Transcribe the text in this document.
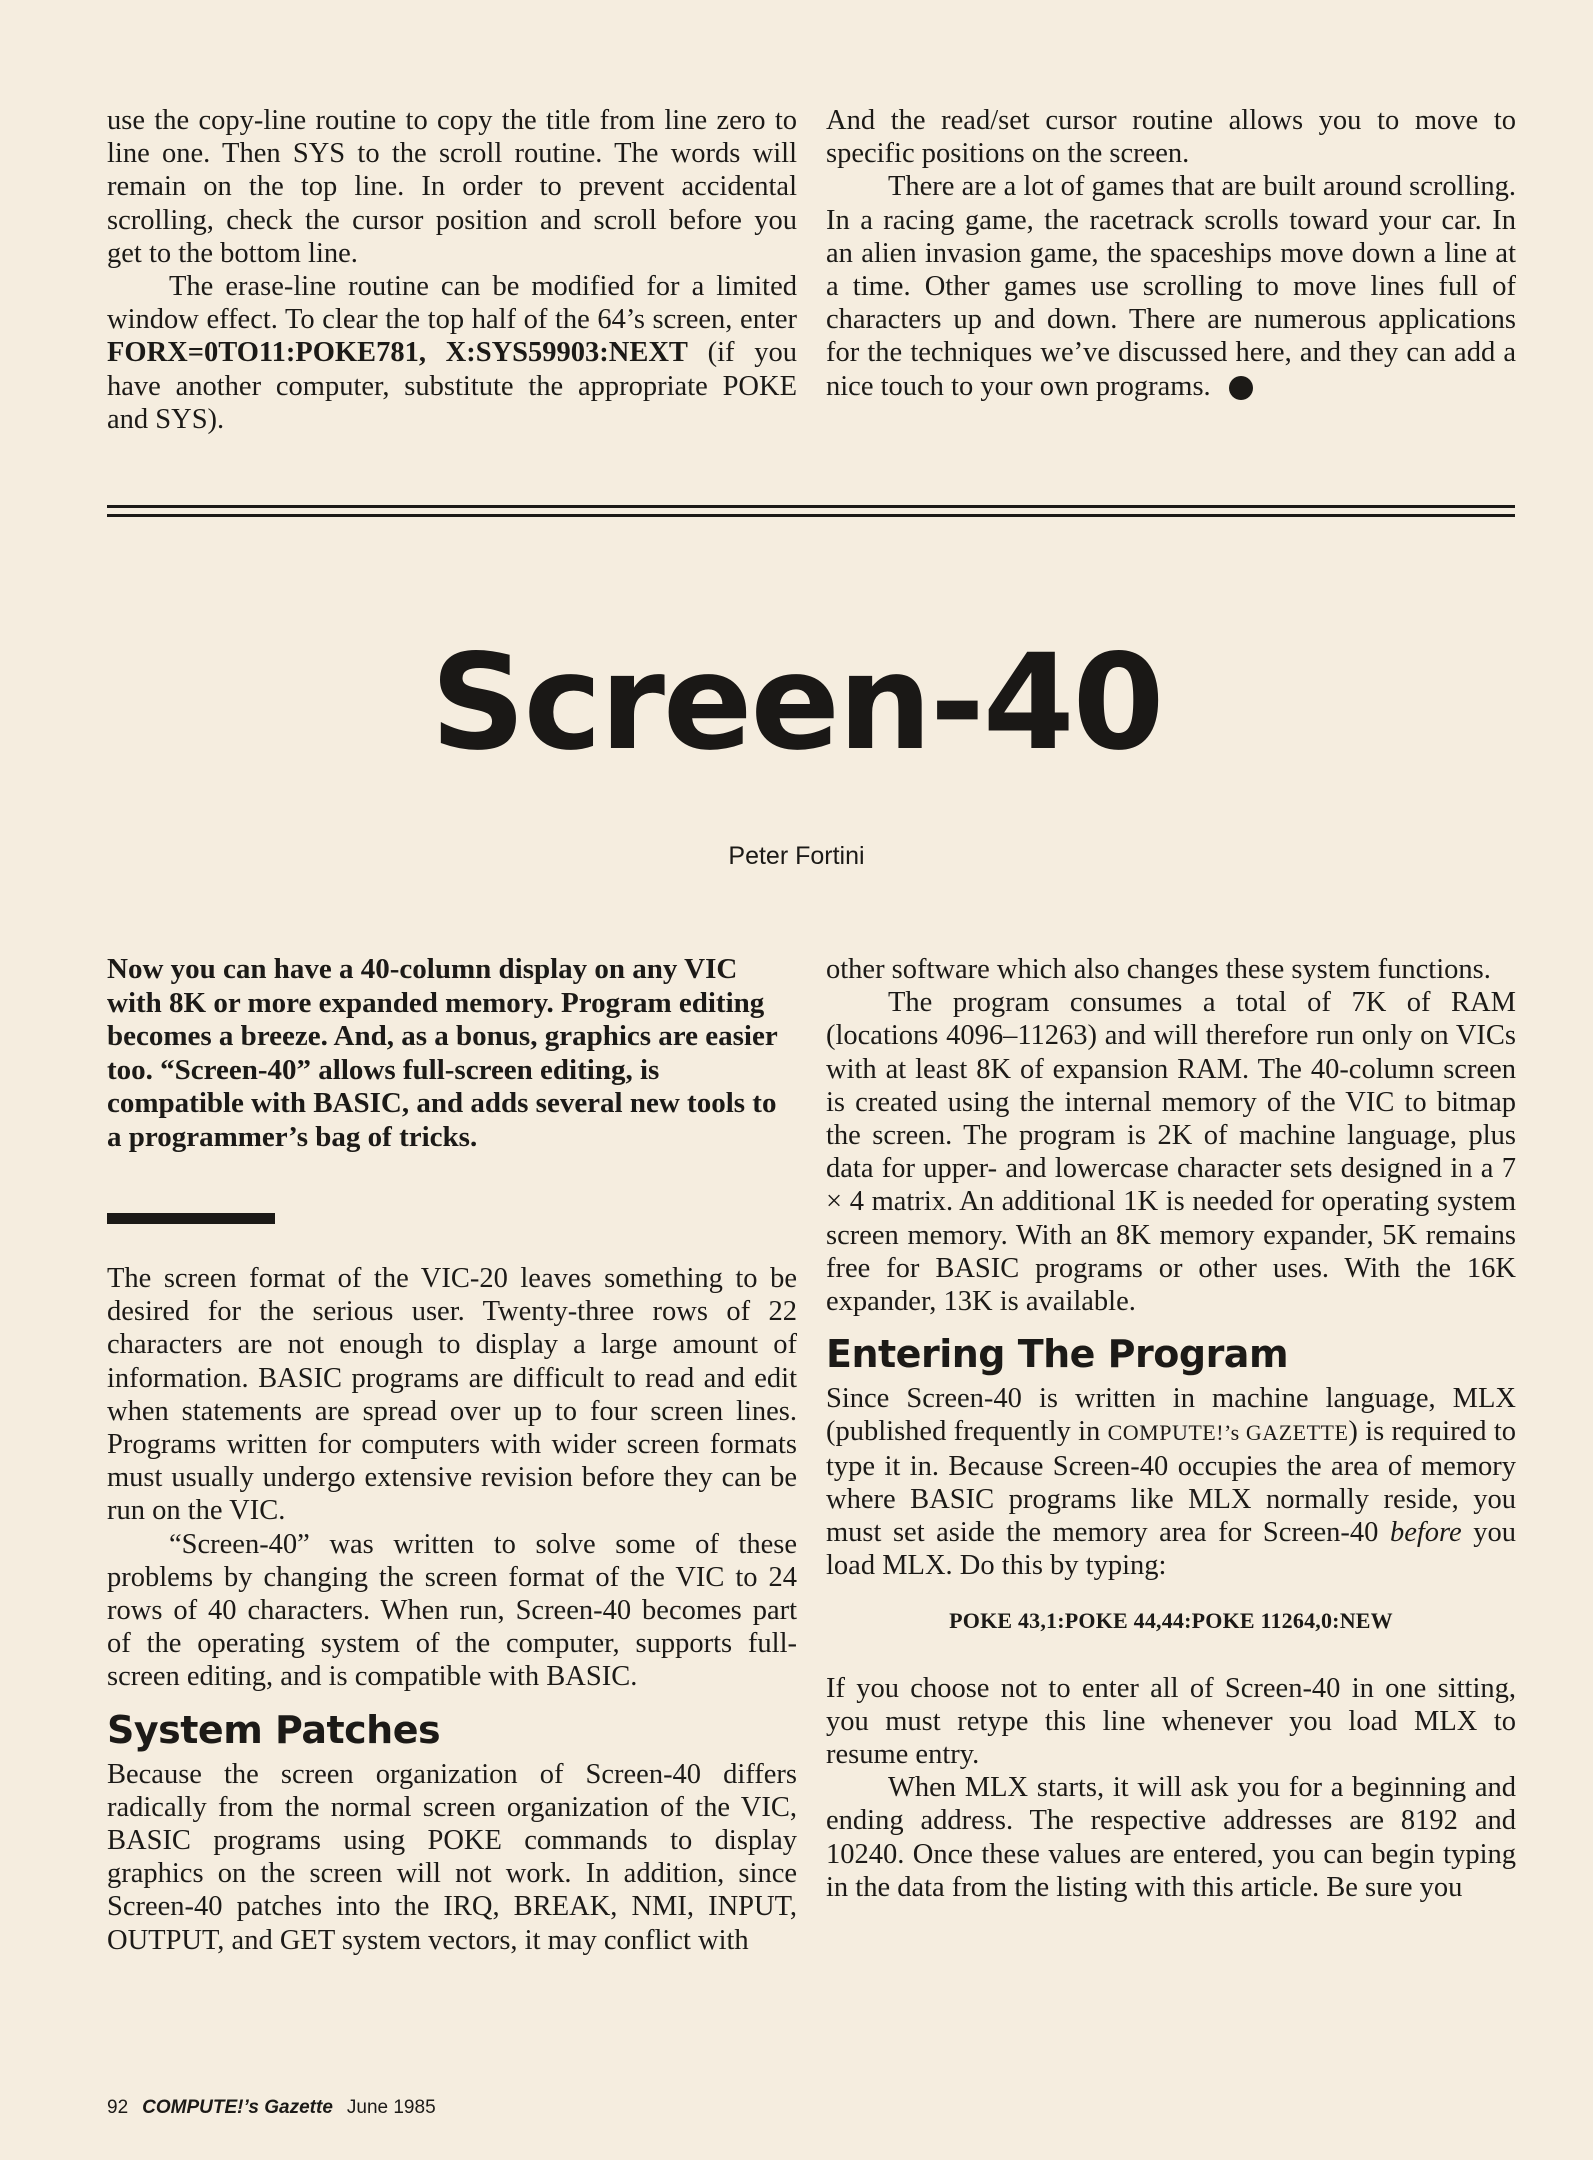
use the copy-line routine to copy the title from line zero to line one. Then SYS to the scroll routine. The words will remain on the top line. In order to prevent accidental scrolling, check the cursor position and scroll before you get to the bottom line.

The erase-line routine can be modified for a limited window effect. To clear the top half of the 64’s screen, enter FORX=0TO11:POKE781, X:SYS59903:NEXT (if you have another computer, substitute the appropriate POKE and SYS).

And the read/set cursor routine allows you to move to specific positions on the screen.

There are a lot of games that are built around scrolling. In a racing game, the racetrack scrolls toward your car. In an alien invasion game, the spaceships move down a line at a time. Other games use scrolling to move lines full of characters up and down. There are numerous applications for the techniques we’ve discussed here, and they can add a nice touch to your own programs.	G

Screen-40
Peter Fortini
Now you can have a 40-column display on any VIC with 8K or more expanded memory. Program editing becomes a breeze. And, as a bonus, graphics are easier too. “Screen-40” allows full-screen editing, is compatible with BASIC, and adds several new tools to a programmer’s bag of tricks.

The screen format of the VIC-20 leaves something to be desired for the serious user. Twenty-three rows of 22 characters are not enough to display a large amount of information. BASIC programs are difficult to read and edit when statements are spread over up to four screen lines. Programs written for computers with wider screen formats must usually undergo extensive revision before they can be run on the VIC.

“Screen-40” was written to solve some of these problems by changing the screen format of the VIC to 24 rows of 40 characters. When run, Screen-40 becomes part of the operating system of the computer, supports full-screen editing, and is compatible with BASIC.

System Patches

Because the screen organization of Screen-40 differs radically from the normal screen organization of the VIC, BASIC programs using POKE commands to display graphics on the screen will not work. In addition, since Screen-40 patches into the IRQ, BREAK, NMI, INPUT, OUTPUT, and GET system vectors, it may conflict with

other software which also changes these system functions.

The program consumes a total of 7K of RAM (locations 4096–11263) and will therefore run only on VICs with at least 8K of expansion RAM. The 40-column screen is created using the internal memory of the VIC to bitmap the screen. The program is 2K of machine language, plus data for upper- and lowercase character sets designed in a 7 × 4 matrix. An additional 1K is needed for operating system screen memory. With an 8K memory expander, 5K remains free for BASIC programs or other uses. With the 16K expander, 13K is available.

Entering The Program

Since Screen-40 is written in machine language, MLX (published frequently in COMPUTE!’s GAZETTE) is required to type it in. Because Screen-40 occupies the area of memory where BASIC programs like MLX normally reside, you must set aside the memory area for Screen-40 before you load MLX. Do this by typing:

POKE 43,1:POKE 44,44:POKE 11264,0:NEW

If you choose not to enter all of Screen-40 in one sitting, you must retype this line whenever you load MLX to resume entry.

When MLX starts, it will ask you for a beginning and ending address. The respective addresses are 8192 and 10240. Once these values are entered, you can begin typing in the data from the listing with this article. Be sure you

92 COMPUTE!’s Gazette June 1985
